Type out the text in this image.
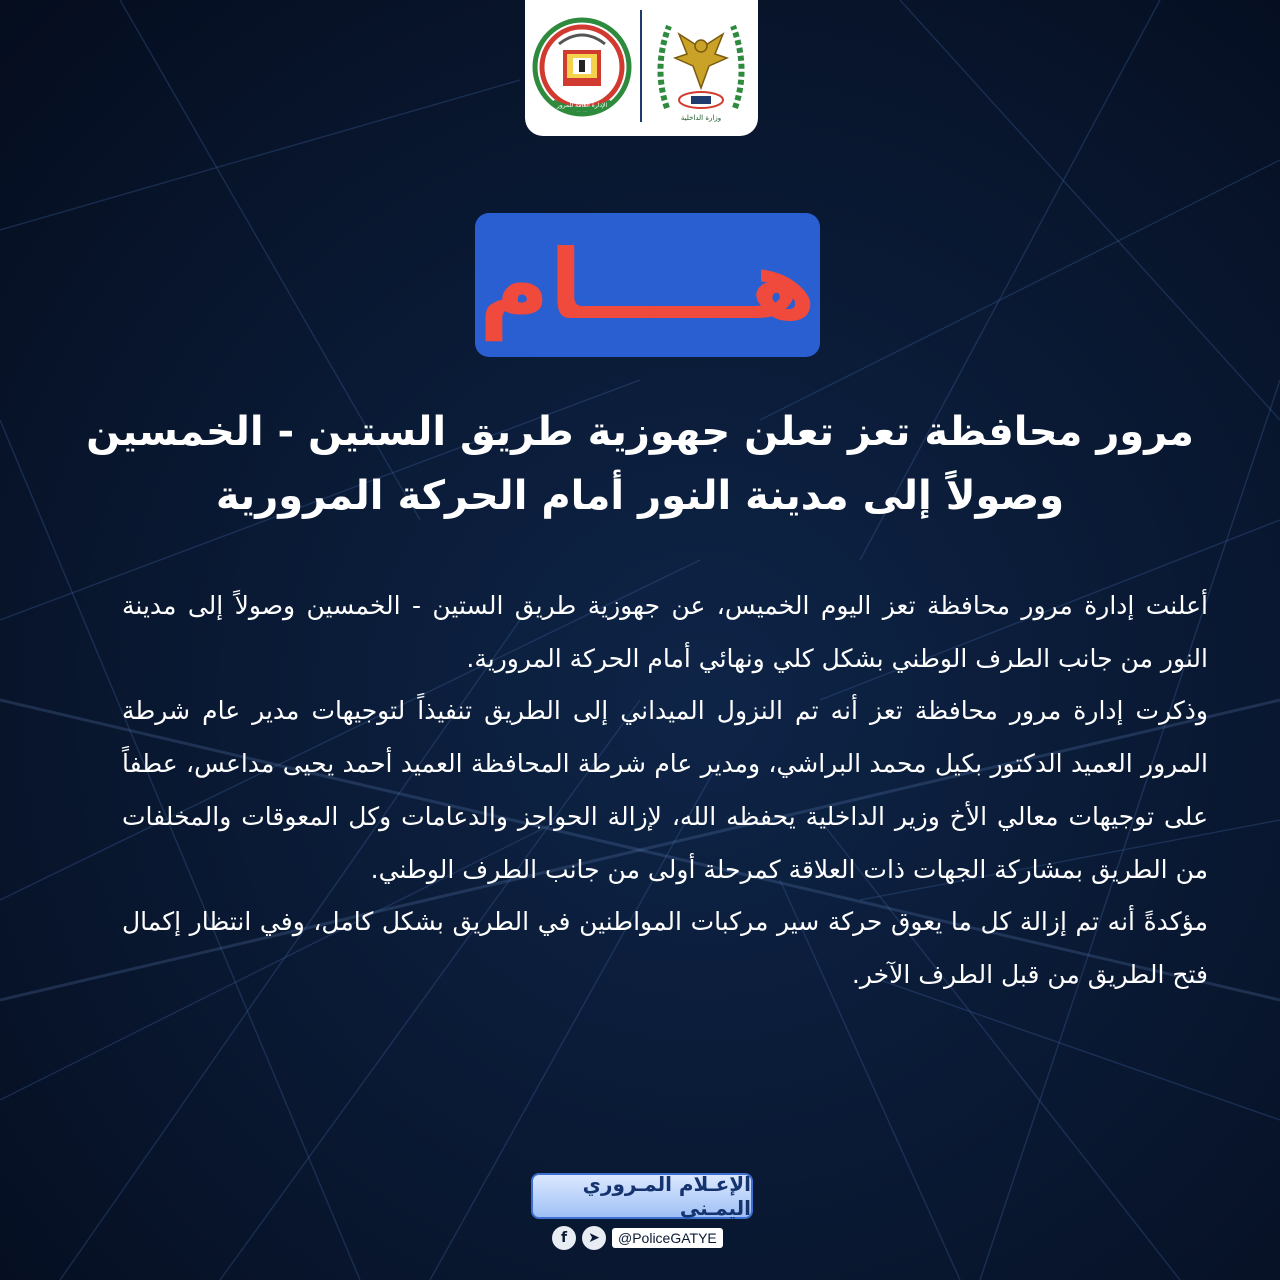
الإدارة العامة للمرور
وزارة الداخلية
هـــــام
مرور محافظة تعز تعلن جهوزية طريق الستين - الخمسين
وصولاً إلى مدينة النور أمام الحركة المرورية

أعلنت إدارة مرور محافظة تعز اليوم الخميس، عن جهوزية طريق الستين - الخمسين وصولاً إلى مدينة النور من جانب الطرف الوطني بشكل كلي ونهائي أمام الحركة المرورية.

وذكرت إدارة مرور محافظة تعز أنه تم النزول الميداني إلى الطريق تنفيذاً لتوجيهات مدير عام شرطة المرور العميد الدكتور بكيل محمد البراشي، ومدير عام شرطة المحافظة العميد أحمد يحيى مداعس، عطفاً على توجيهات معالي الأخ وزير الداخلية يحفظه الله، لإزالة الحواجز والدعامات وكل المعوقات والمخلفات من الطريق بمشاركة الجهات ذات العلاقة كمرحلة أولى من جانب الطرف الوطني.

مؤكدةً أنه تم إزالة كل ما يعوق حركة سير مركبات المواطنين في الطريق بشكل كامل، وفي انتظار إكمال فتح الطريق من قبل الطرف الآخر.

الإعـلام المـروري اليمـني
f	➤	@PoliceGATYE
